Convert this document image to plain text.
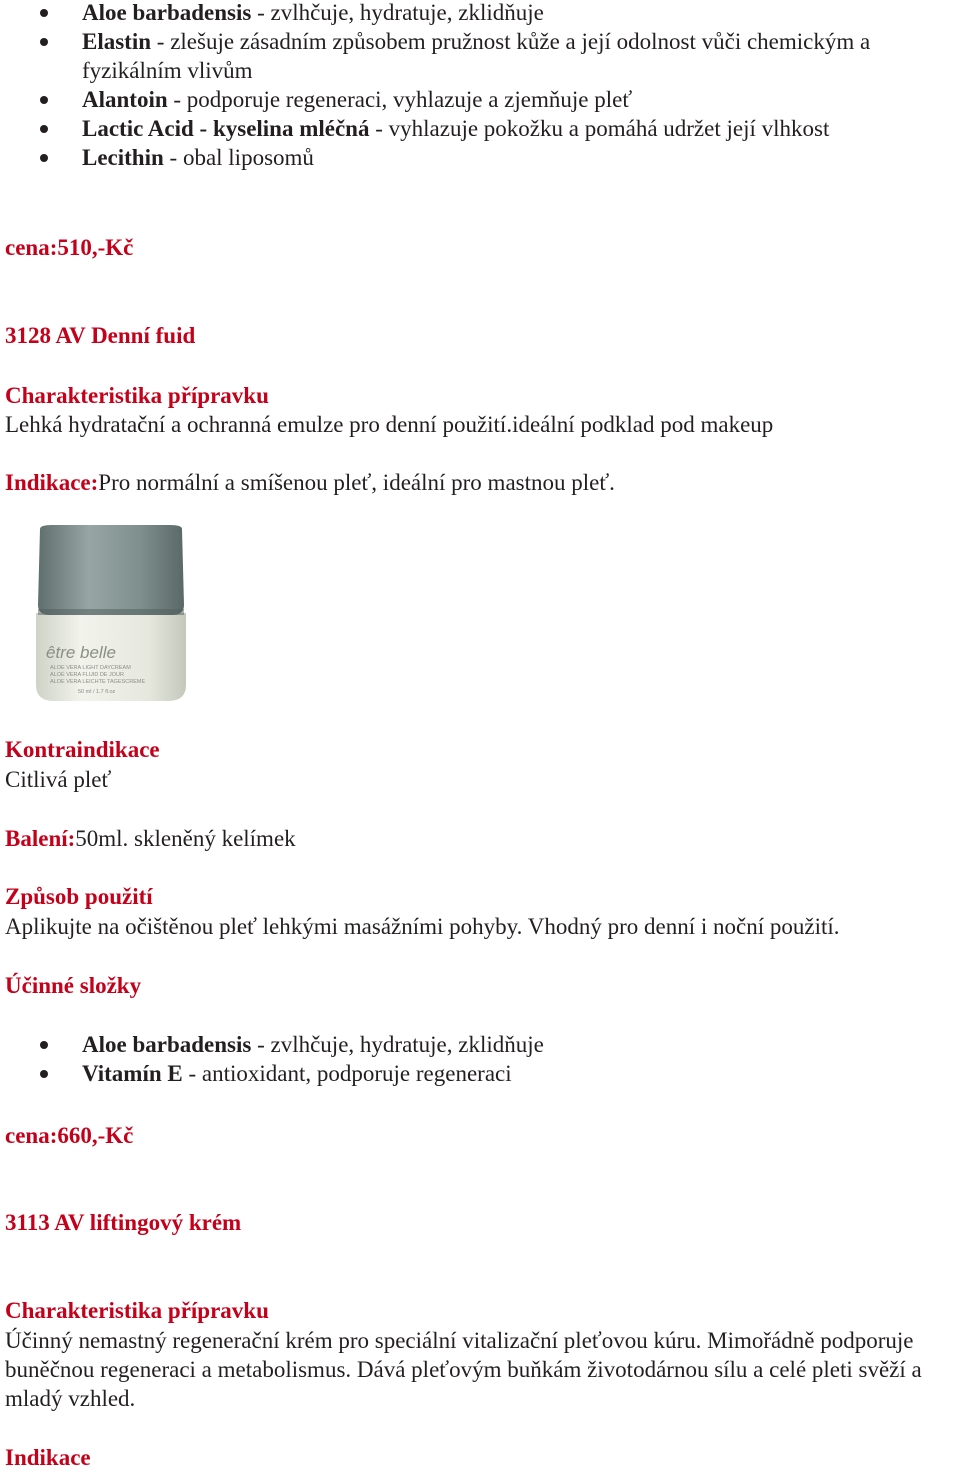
Aloe barbadensis - zvlhčuje, hydratuje, zklidňuje
Elastin - zlešuje zásadním způsobem pružnost kůže a její odolnost vůči chemickým a fyzikálním vlivům
Alantoin - podporuje regeneraci, vyhlazuje a zjemňuje pleť
Lactic Acid - kyselina mléčná - vyhlazuje pokožku a pomáhá udržet její vlhkost
Lecithin - obal liposomů
cena:510,-Kč
3128 AV Denní fuid
Charakteristika přípravku
Lehká hydratační a ochranná emulze pro denní použití.ideální podklad pod makeup
Indikace:Pro normální a smíšenou pleť, ideální pro mastnou pleť.
être belle
ALOE VERA LIGHT DAYCREAM
ALOÉ VERA FLUID DE JOUR
ALOE VERA LEICHTE TAGESCREME
50 ml / 1.7 fl.oz
Kontraindikace
Citlivá pleť
Balení:50ml. skleněný kelímek
Způsob použití
Aplikujte na očištěnou pleť lehkými masážními pohyby. Vhodný pro denní i noční použití.
Účinné složky
Aloe barbadensis - zvlhčuje, hydratuje, zklidňuje
Vitamín E - antioxidant, podporuje regeneraci
cena:660,-Kč
3113 AV liftingový krém
Charakteristika přípravku
Účinný nemastný regenerační krém pro speciální vitalizační pleťovou kúru. Mimořádně podporuje buněčnou regeneraci a metabolismus. Dává pleťovým buňkám životodárnou sílu a celé pleti svěží a mladý vzhled.
Indikace
